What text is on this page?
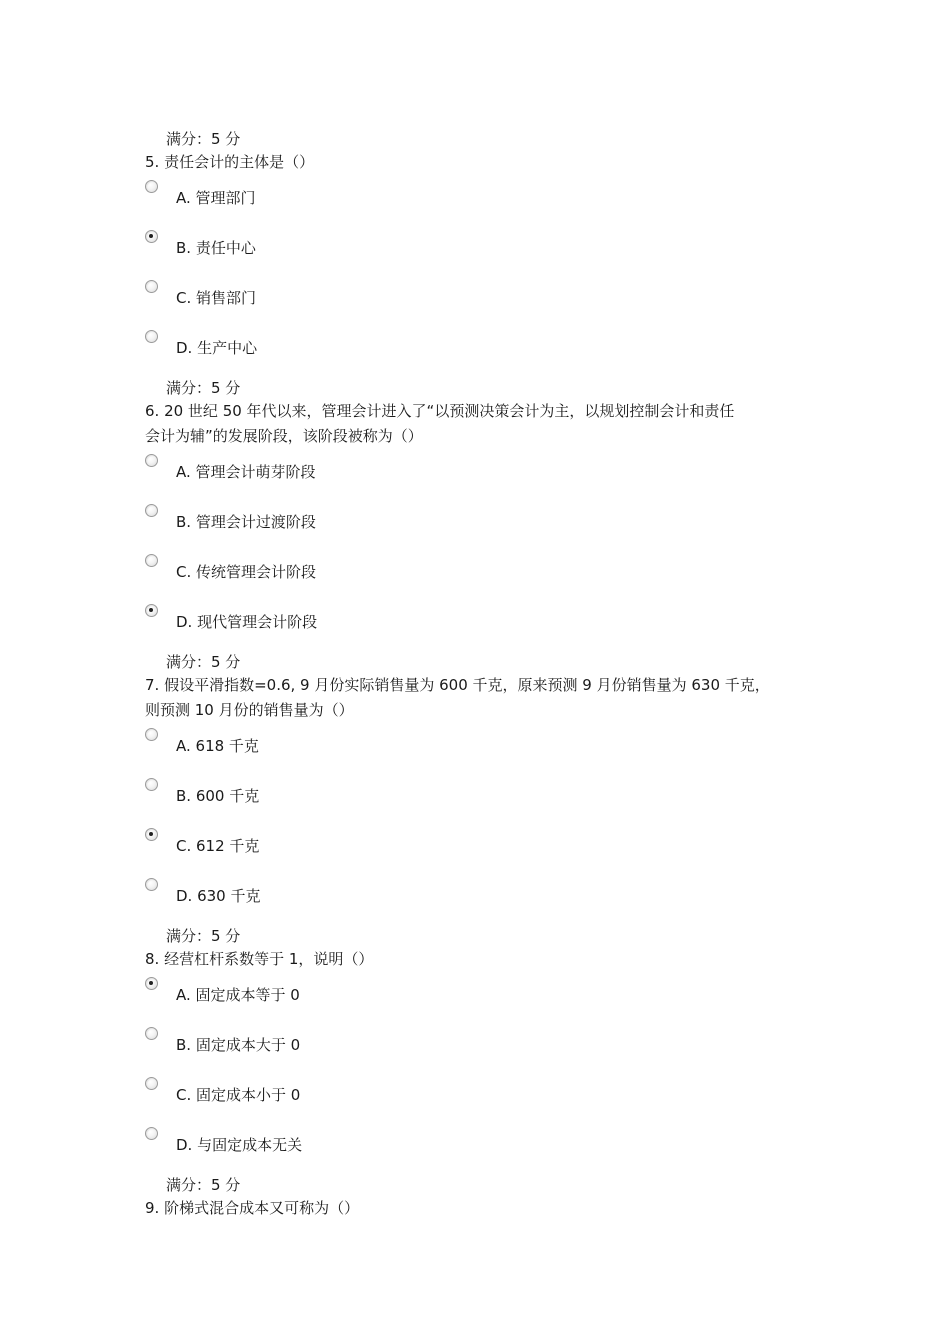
满分：5 分
5. 责任会计的主体是（）
A. 管理部门
B. 责任中心
C. 销售部门
D. 生产中心
满分：5 分
6. 20 世纪 50 年代以来，管理会计进入了“以预测决策会计为主，以规划控制会计和责任
会计为辅”的发展阶段，该阶段被称为（）
A. 管理会计萌芽阶段
B. 管理会计过渡阶段
C. 传统管理会计阶段
D. 现代管理会计阶段
满分：5 分
7. 假设平滑指数=0.6, 9 月份实际销售量为 600 千克，原来预测 9 月份销售量为 630 千克，
则预测 10 月份的销售量为（）
A. 618 千克
B. 600 千克
C. 612 千克
D. 630 千克
满分：5 分
8. 经营杠杆系数等于 1，说明（）
A. 固定成本等于 0
B. 固定成本大于 0
C. 固定成本小于 0
D. 与固定成本无关
满分：5 分
9. 阶梯式混合成本又可称为（）
